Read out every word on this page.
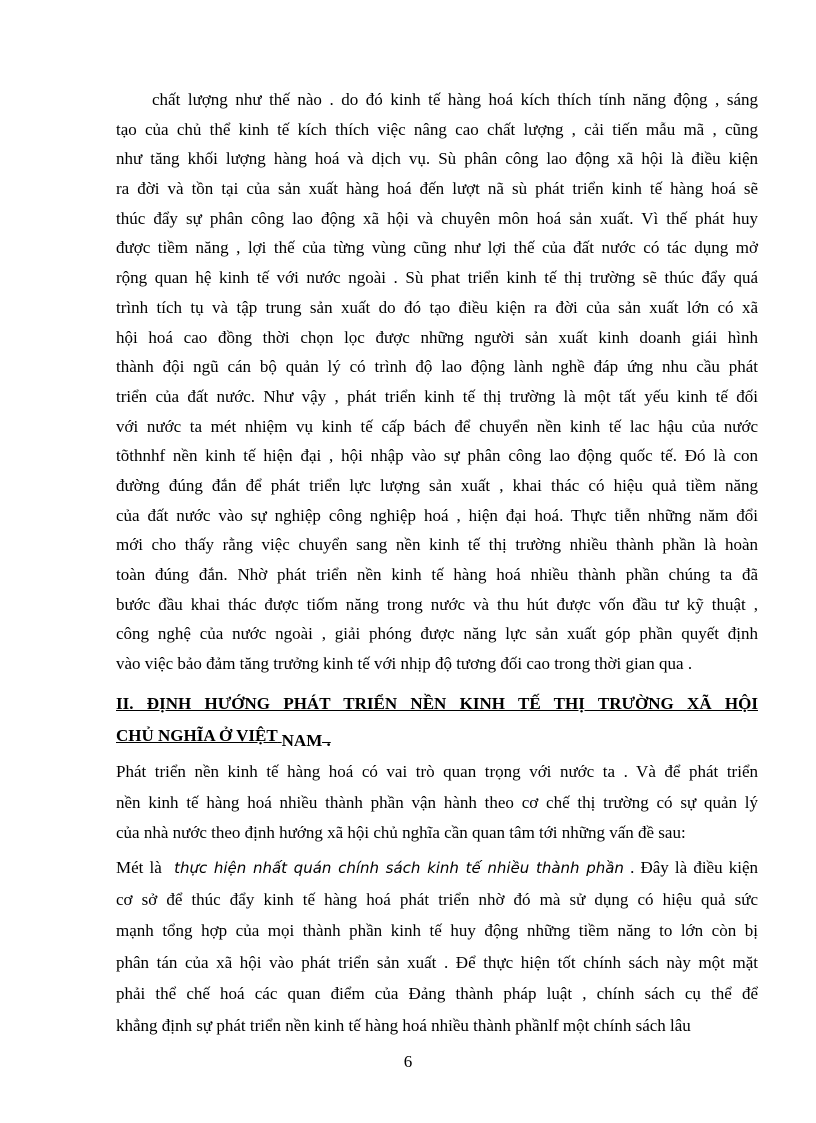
chất lượng như thế nào . do đó kinh tế hàng hoá kích thích tính năng động , sáng
tạo của chủ thể kinh tế kích thích việc nâng cao chất lượng , cải tiến mẫu mã , cũng
như tăng khối lượng hàng hoá và dịch vụ. Sù phân công lao động xã hội là điều kiện
ra đời và tồn tại của sản xuất hàng hoá đến lượt nã sù phát triển kinh tế hàng hoá sẽ
thúc đẩy sự phân công lao động xã hội và chuyên môn hoá sản xuất. Vì thế phát huy
được tiềm năng , lợi thế của từng vùng cũng như lợi thế của đất nước có tác dụng mở
rộng quan hệ kinh tế với nước ngoài . Sù phat triển kinh tế thị trường sẽ thúc đẩy quá
trình tích tụ và tập trung sản xuất do đó tạo điều kiện ra đời của sản xuất lớn có xã
hội hoá cao đồng thời chọn lọc được những người sản xuất kinh doanh giái hình
thành đội ngũ cán bộ quản lý có trình độ lao động lành nghề đáp ứng nhu cầu phát
triển của đất nước. Như vậy , phát triển kinh tế thị trường là một tất yếu kinh tế đối
với nước ta mét nhiệm vụ kinh tế cấp bách để chuyển nền kinh tế lac hậu của nước
tõthnhf nền kinh tế hiện đại , hội nhập vào sự phân công lao động quốc tế. Đó là con
đường đúng đắn để phát triển lực lượng sản xuất , khai thác có hiệu quả tiềm năng
của đất nước vào sự nghiệp công nghiệp hoá , hiện đại hoá. Thực tiễn những năm đổi
mới cho thấy rằng việc chuyển sang nền kinh tế thị trường nhiều thành phần là hoàn
toàn đúng đắn. Nhờ phát triển nền kinh tế hàng hoá nhiều thành phần chúng ta đã
bước đầu khai thác được tiốm năng trong nước và thu hút được vốn đầu tư kỹ thuật ,
công nghệ của nước ngoài , giải phóng được năng lực sản xuất góp phần quyết định
vào việc bảo đảm tăng trưởng kinh tế với nhịp độ tương đối cao trong thời gian qua .
II. ĐỊNH HƯỚNG PHÁT TRIỂN NỀN KINH TẾ THỊ TRƯỜNG XÃ HỘI
CHỦ NGHĨA Ở VIỆT NAM .
Phát triển nền kinh tế hàng hoá có vai trò quan trọng với nước ta . Và để phát triển
nền kinh tế hàng hoá nhiều thành phần vận hành theo cơ chế thị trường có sự quản lý
của nhà nước theo định hướng xã hội chủ nghĩa cần quan tâm tới những vấn đề sau:
Mét là thực hiện nhất quán chính sách kinh tế nhiều thành phần . Đây là điều kiện
cơ sở để thúc đẩy kinh tế hàng hoá phát triển nhờ đó mà sử dụng có hiệu quả sức
mạnh tổng hợp của mọi thành phần kinh tế huy động những tiềm năng to lớn còn bị
phân tán của xã hội vào phát triển sản xuất . Để thực hiện tốt chính sách này một mặt
phải thể chế hoá các quan điểm của Đảng thành pháp luật , chính sách cụ thể để
khẳng định sự phát triển nền kinh tế hàng hoá nhiều thành phầnlf một chính sách lâu
6
